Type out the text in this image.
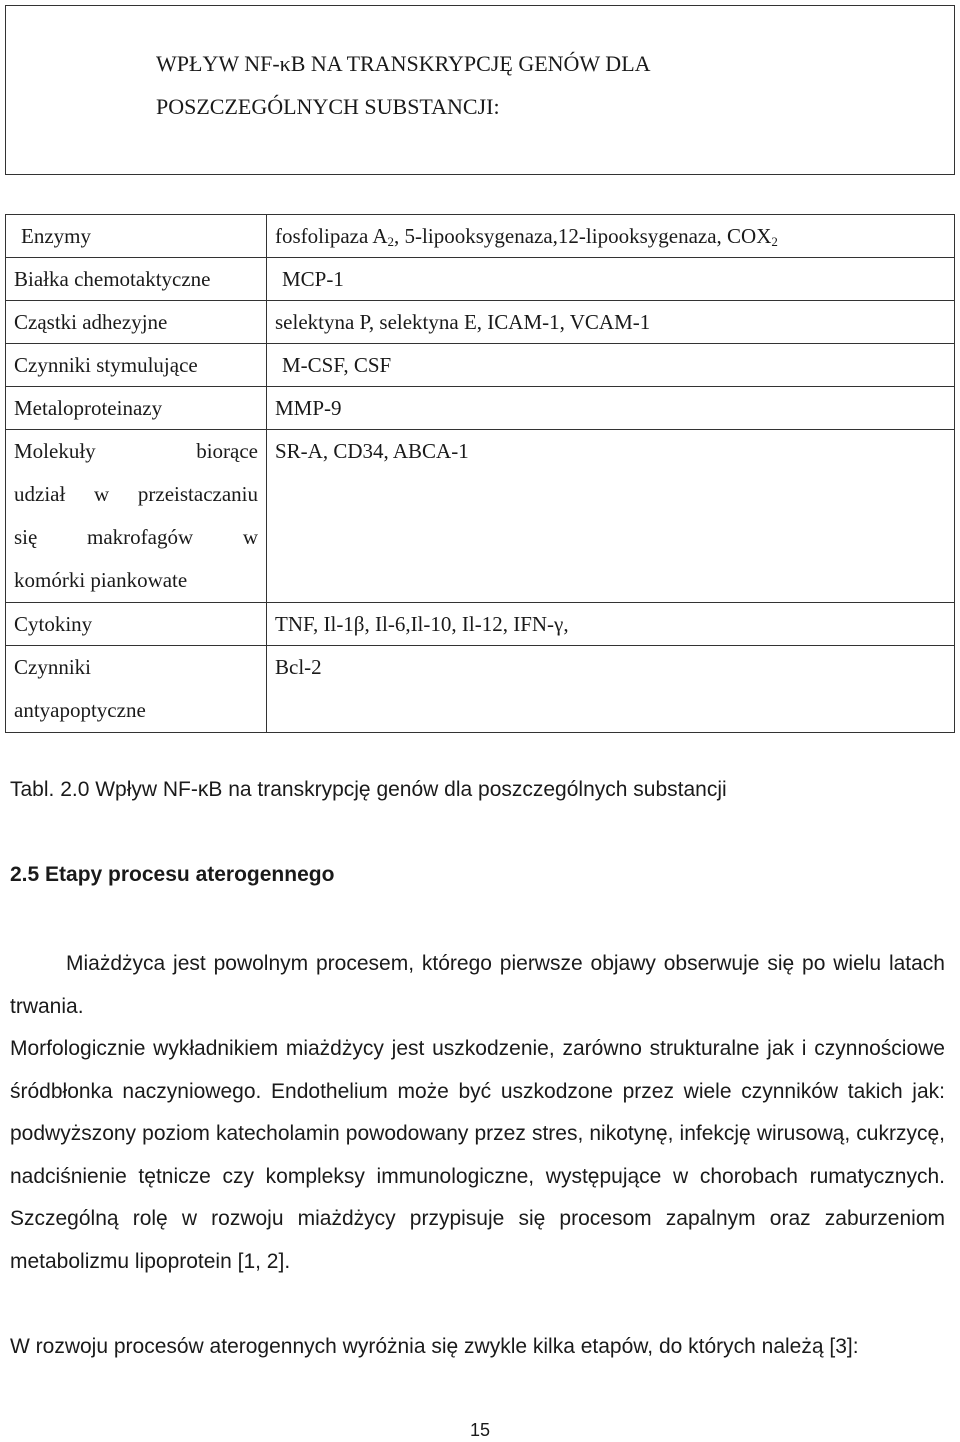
WPŁYW NF-κB NA TRANSKRYPCJĘ GENÓW DLA
POSZCZEGÓLNYCH SUBSTANCJI:
Enzymy	fosfolipaza $A_2$, 5-lipooksygenaza,12-lipooksygenaza, $COX_2$
Białka chemotaktyczne	MCP-1
Cząstki adhezyjne	selektyna P, selektyna E, ICAM-1, VCAM-1
Czynniki stymulujące	M-CSF, CSF
Metaloproteinazy	MMP-9

Molekuły biorące
udział w przeistaczaniu
się makrofagów w
komórki piankowate	SR-A, CD34, ABCA-1
Cytokiny	TNF, Il-1β, Il-6,Il-10, Il-12, IFN-γ,

Czynniki
antyapoptyczne	Bcl-2
Tabl. 2.0 Wpływ NF-κB na transkrypcję genów dla poszczególnych substancji
2.5 Etapy procesu aterogennego
Miażdżyca jest powolnym procesem, którego pierwsze objawy obserwuje się po wielu latach trwania.
Morfologicznie wykładnikiem miażdżycy jest uszkodzenie, zarówno strukturalne jak i czynnościowe śródbłonka naczyniowego. Endothelium może być uszkodzone przez wiele czynników takich jak: podwyższony poziom katecholamin powodowany przez stres, nikotynę, infekcję wirusową, cukrzycę, nadciśnienie tętnicze czy kompleksy immunologiczne, występujące w chorobach rumatycznych. Szczególną rolę w rozwoju miażdżycy przypisuje się procesom zapalnym oraz zaburzeniom metabolizmu lipoprotein [1, 2].
W rozwoju procesów aterogennych wyróżnia się zwykle kilka etapów, do których należą [3]:
15
